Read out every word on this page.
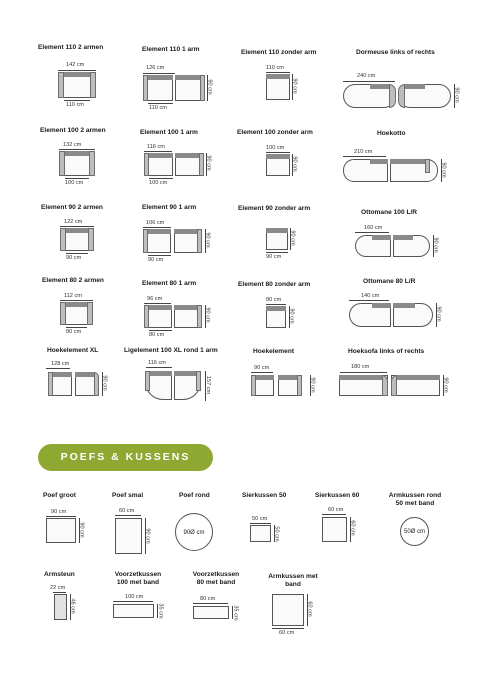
Element 110 2 armen
142 cm
110 cm
Element 110 1 arm
126 cm
90 cm
110 cm
Element 110 zonder arm
110 cm
90 cm
Dormeuse links of rechts
240 cm
90 cm
Element 100 2 armen
132 cm
100 cm
Element 100 1 arm
116 cm
90 cm
100 cm
Element 100 zonder arm
100 cm
90 cm
Hoekotto
210 cm
90 cm
Element 90 2 armen
122 cm
90 cm
Element 90 1 arm
106 cm
90 cm
90 cm
Element 90 zonder arm
90 cm
90 cm
Ottomane 100 L/R
160 cm
90 cm
Element 80 2 armen
112 cm
80 cm
Element 80 1 arm
96 cm
90 cm
80 cm
Element 80 zonder arm
80 cm
90 cm
Ottomane 80 L/R
140 cm
90 cm
Hoekelement XL
128 cm
90 cm
Ligelement 100 XL rond 1 arm
116 cm
157 cm
Hoekelement
90 cm
90 cm
Hoeksofa links of rechts
180 cm
90 cm
POEFS & KUSSENS
Poef groot
90 cm
90 cm
Poef smal
60 cm
90 cm
Poef rond
90Ø cm
Sierkussen 50
50 cm
50 cm
Sierkussen 60
60 cm
60 cm
Armkussen rond 50 met band
50Ø cm
Armsteun
22 cm
46 cm
Voorzetkussen 100 met band
100 cm
35 cm
Voorzetkussen 80 met band
80 cm
35 cm
Armkussen met band
60 cm
60 cm
